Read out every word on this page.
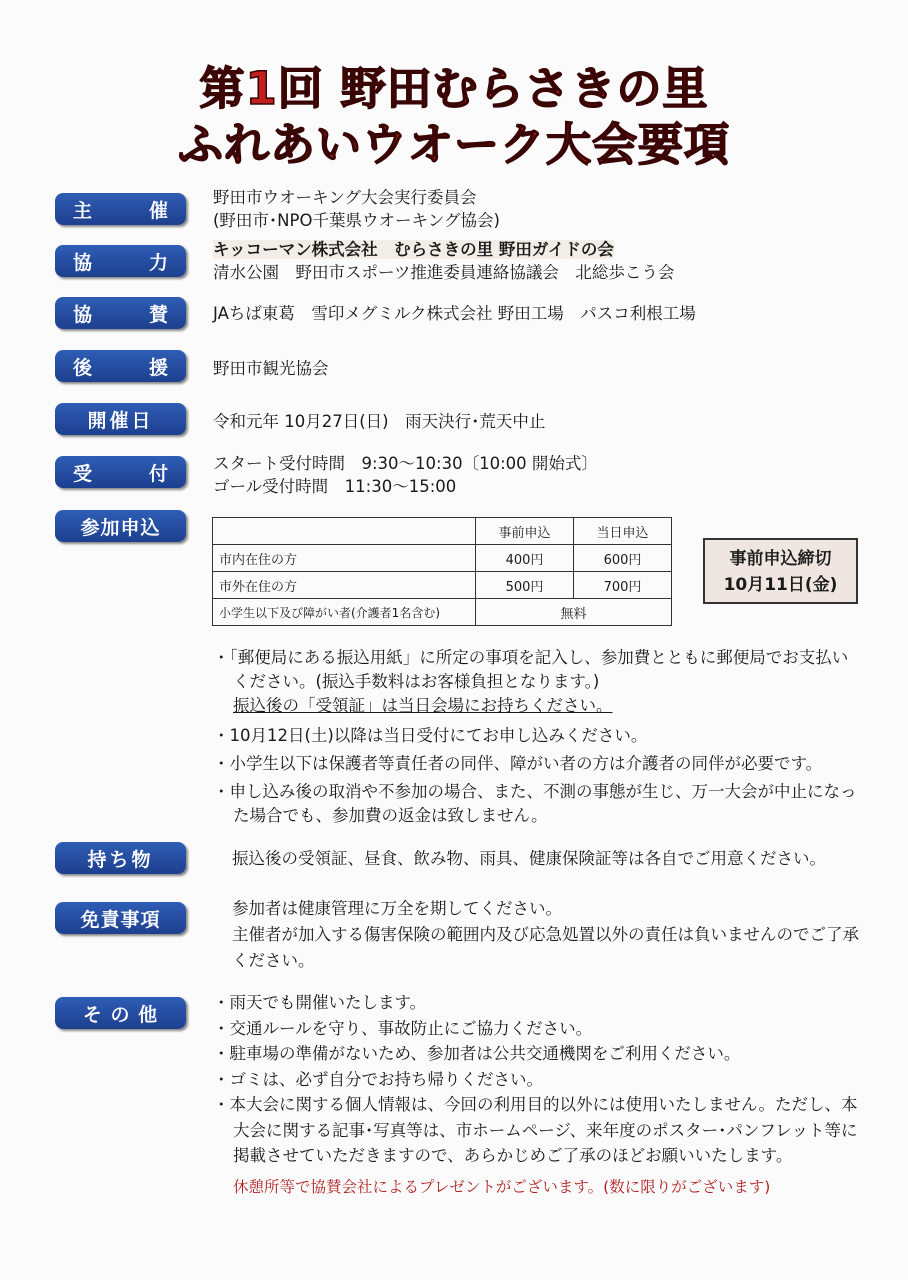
第1回 野田むらさきの里
ふれあいウオーク大会要項
主	催
野田市ウオーキング大会実行委員会
(野田市･NPO千葉県ウオーキング協会)
協	力
キッコーマン株式会社　むらさきの里 野田ガイドの会
清水公園　野田市スポーツ推進委員連絡協議会　北総歩こう会
協	賛	JAちば東葛　雪印メグミルク株式会社 野田工場　パスコ利根工場
後	援	野田市観光協会
開催日	令和元年 10月27日(日)　雨天決行･荒天中止
受	付	スタート受付時間　9:30～10:30〔10:00 開始式〕
ゴール受付時間　11:30～15:00
参加申込
		事前申込	当日申込
市内在住の方	400円	600円
市外在住の方	500円	700円
小学生以下及び障がい者(介護者1名含む)	無料	
事前申込締切
10月11日(金)
・「郵便局にある振込用紙」に所定の事項を記入し、参加費とともに郵便局でお支払いください。(振込手数料はお客様負担となります。)
振込後の「受領証」は当日会場にお持ちください。
・10月12日(土)以降は当日受付にてお申し込みください。
・小学生以下は保護者等責任者の同伴、障がい者の方は介護者の同伴が必要です。
・申し込み後の取消や不参加の場合、また、不測の事態が生じ、万一大会が中止になった場合でも、参加費の返金は致しません。
持ち物	振込後の受領証、昼食、飲み物、雨具、健康保険証等は各自でご用意ください。
免責事項	参加者は健康管理に万全を期してください。
主催者が加入する傷害保険の範囲内及び応急処置以外の責任は負いませんのでご了承ください。
そ の 他
・雨天でも開催いたします。
・交通ルールを守り、事故防止にご協力ください。
・駐車場の準備がないため、参加者は公共交通機関をご利用ください。
・ゴミは、必ず自分でお持ち帰りください。
・本大会に関する個人情報は、今回の利用目的以外には使用いたしません。ただし、本大会に関する記事･写真等は、市ホームページ、来年度のポスター･パンフレット等に掲載させていただきますので、あらかじめご了承のほどお願いいたします。
休憩所等で協賛会社によるプレゼントがございます。(数に限りがございます)
